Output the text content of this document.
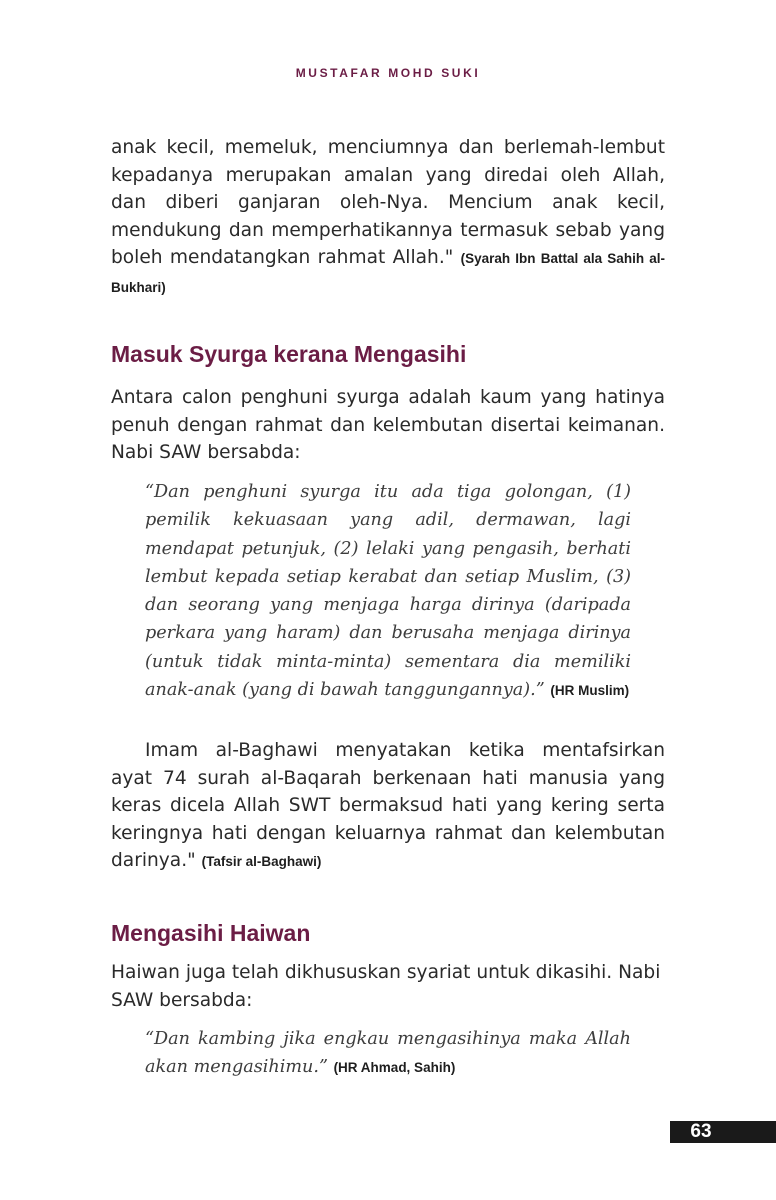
MUSTAFAR MOHD SUKI

anak kecil, memeluk, menciumnya dan berlemah-lembut kepadanya merupakan amalan yang diredai oleh Allah, dan diberi ganjaran oleh-Nya. Mencium anak kecil, mendukung dan memperhatikannya termasuk sebab yang boleh mendatangkan rahmat Allah." (Syarah Ibn Battal ala Sahih al-Bukhari)

Masuk Syurga kerana Mengasihi

Antara calon penghuni syurga adalah kaum yang hatinya penuh dengan rahmat dan kelembutan disertai keimanan. Nabi SAW bersabda:

“Dan penghuni syurga itu ada tiga golongan, (1) pemilik kekuasaan yang adil, dermawan, lagi mendapat petunjuk, (2) lelaki yang pengasih, berhati lembut kepada setiap kerabat dan setiap Muslim, (3) dan seorang yang menjaga harga dirinya (daripada perkara yang haram) dan berusaha menjaga dirinya (untuk tidak minta-minta) sementara dia memiliki anak-anak (yang di bawah tanggungannya).” (HR Muslim)

Imam al-Baghawi menyatakan ketika mentafsirkan ayat 74 surah al-Baqarah berkenaan hati manusia yang keras dicela Allah SWT bermaksud hati yang kering serta keringnya hati dengan keluarnya rahmat dan kelembutan darinya." (Tafsir al-Baghawi)

Mengasihi Haiwan

Haiwan juga telah dikhususkan syariat untuk dikasihi. Nabi SAW bersabda:

“Dan kambing jika engkau mengasihinya maka Allah akan mengasihimu.” (HR Ahmad, Sahih)

63
